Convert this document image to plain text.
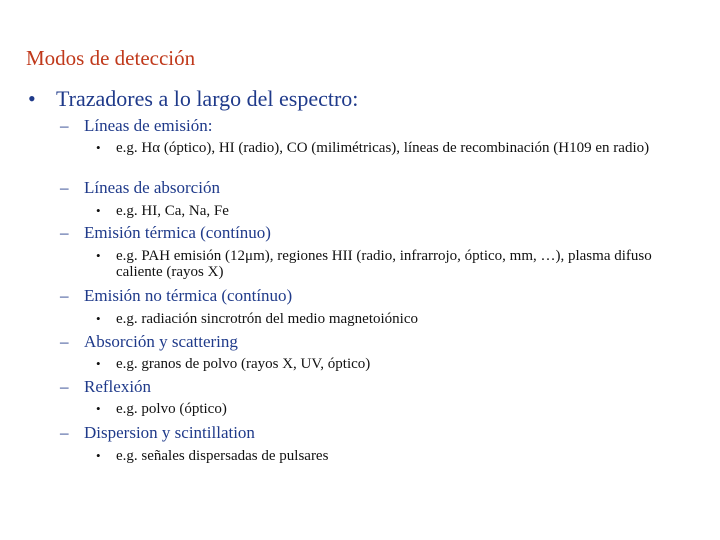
Modos de detección
• Trazadores a lo largo del espectro:
– Líneas de emisión:
• e.g. Hα (óptico), HI (radio), CO (milimétricas), líneas de recombinación (H109 en radio)
– Líneas de absorción
• e.g. HI, Ca, Na, Fe
– Emisión térmica (contínuo)
• e.g. PAH emisión (12μm), regiones HII (radio, infrarrojo, óptico, mm, …), plasma difuso caliente (rayos X)
– Emisión no térmica (contínuo)
• e.g. radiación sincrotrón del medio magnetoiónico
– Absorción y scattering
• e.g. granos de polvo (rayos X, UV, óptico)
– Reflexión
• e.g. polvo (óptico)
– Dispersion y scintillation
• e.g. señales dispersadas de pulsares
